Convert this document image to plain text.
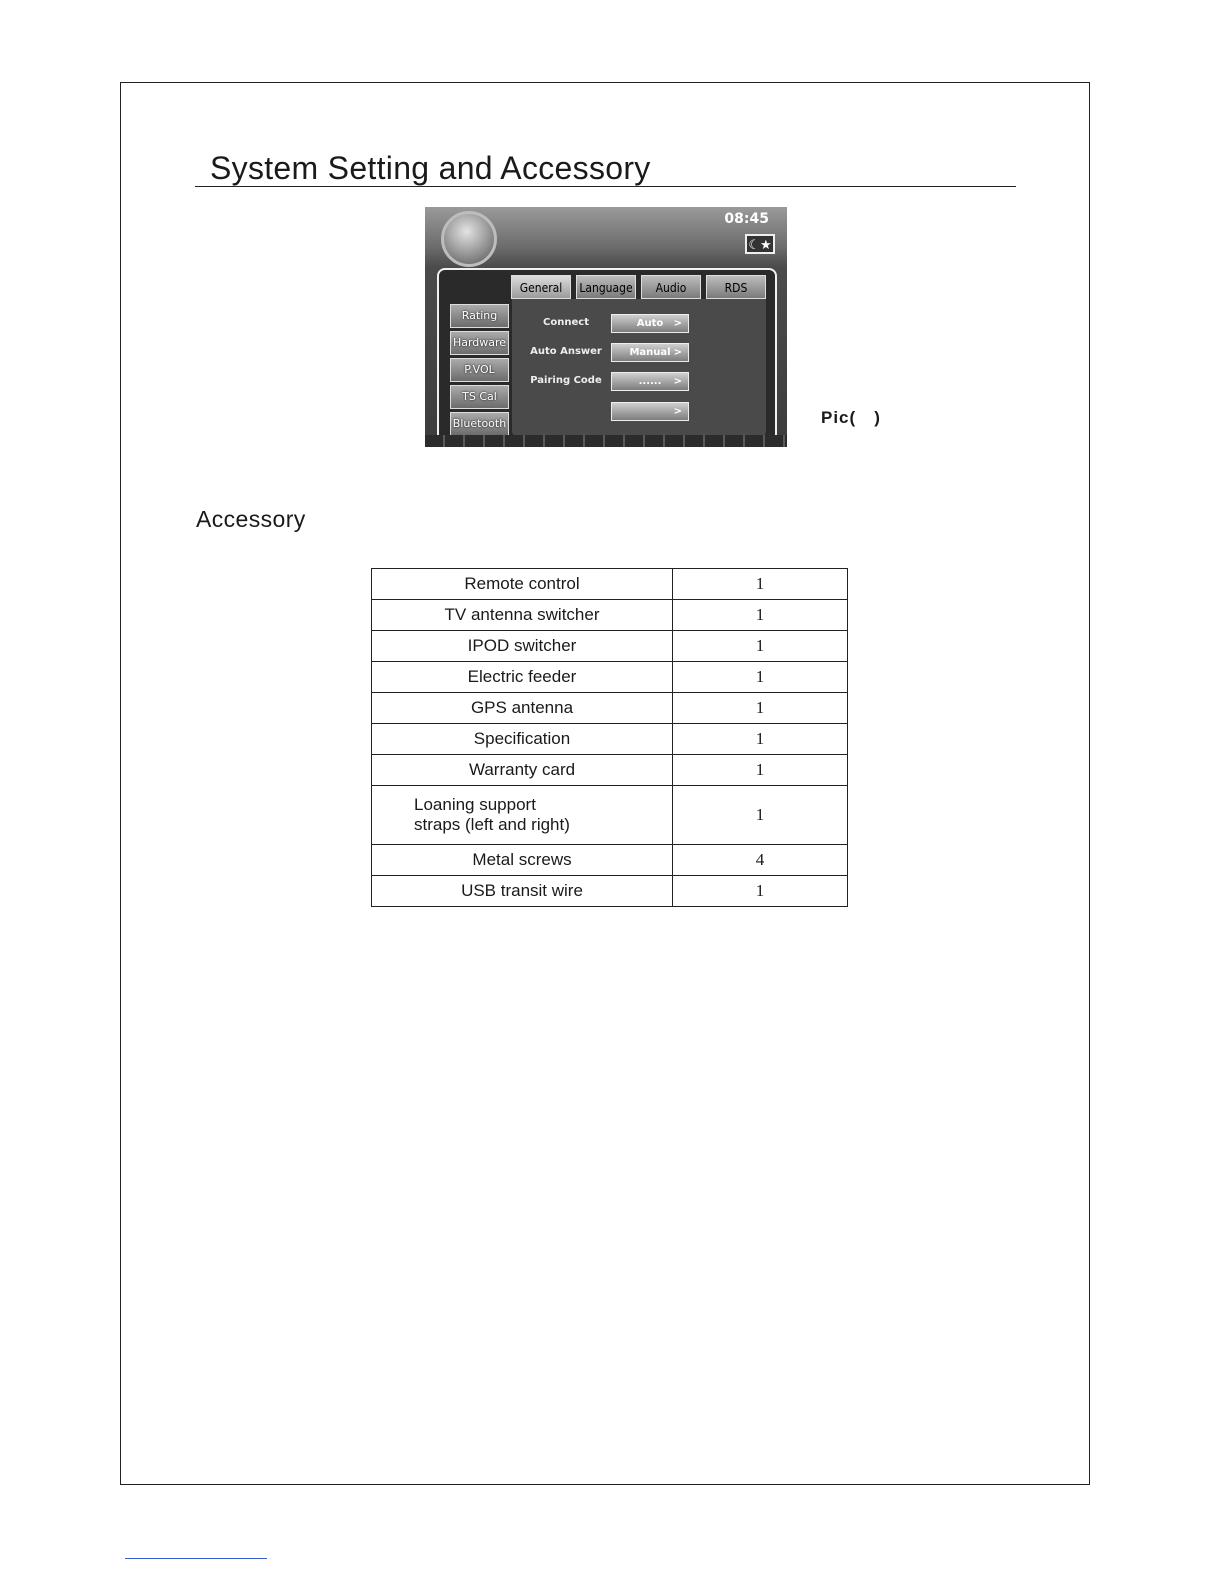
System Setting and Accessory
08:45
☾★
General	Language	Audio	RDS
Rating
Hardware
P.VOL
TS Cal
Bluetooth
Connect	Auto >
Auto Answer	Manual >
Pairing Code	...... >
>	Pic( )
Accessory
Remote control	1
TV antenna switcher	1
IPOD switcher	1
Electric feeder	1
GPS antenna	1
Specification	1
Warranty card	1
Loaning support
straps (left and right)	1
Metal screws	4
USB transit wire	1
